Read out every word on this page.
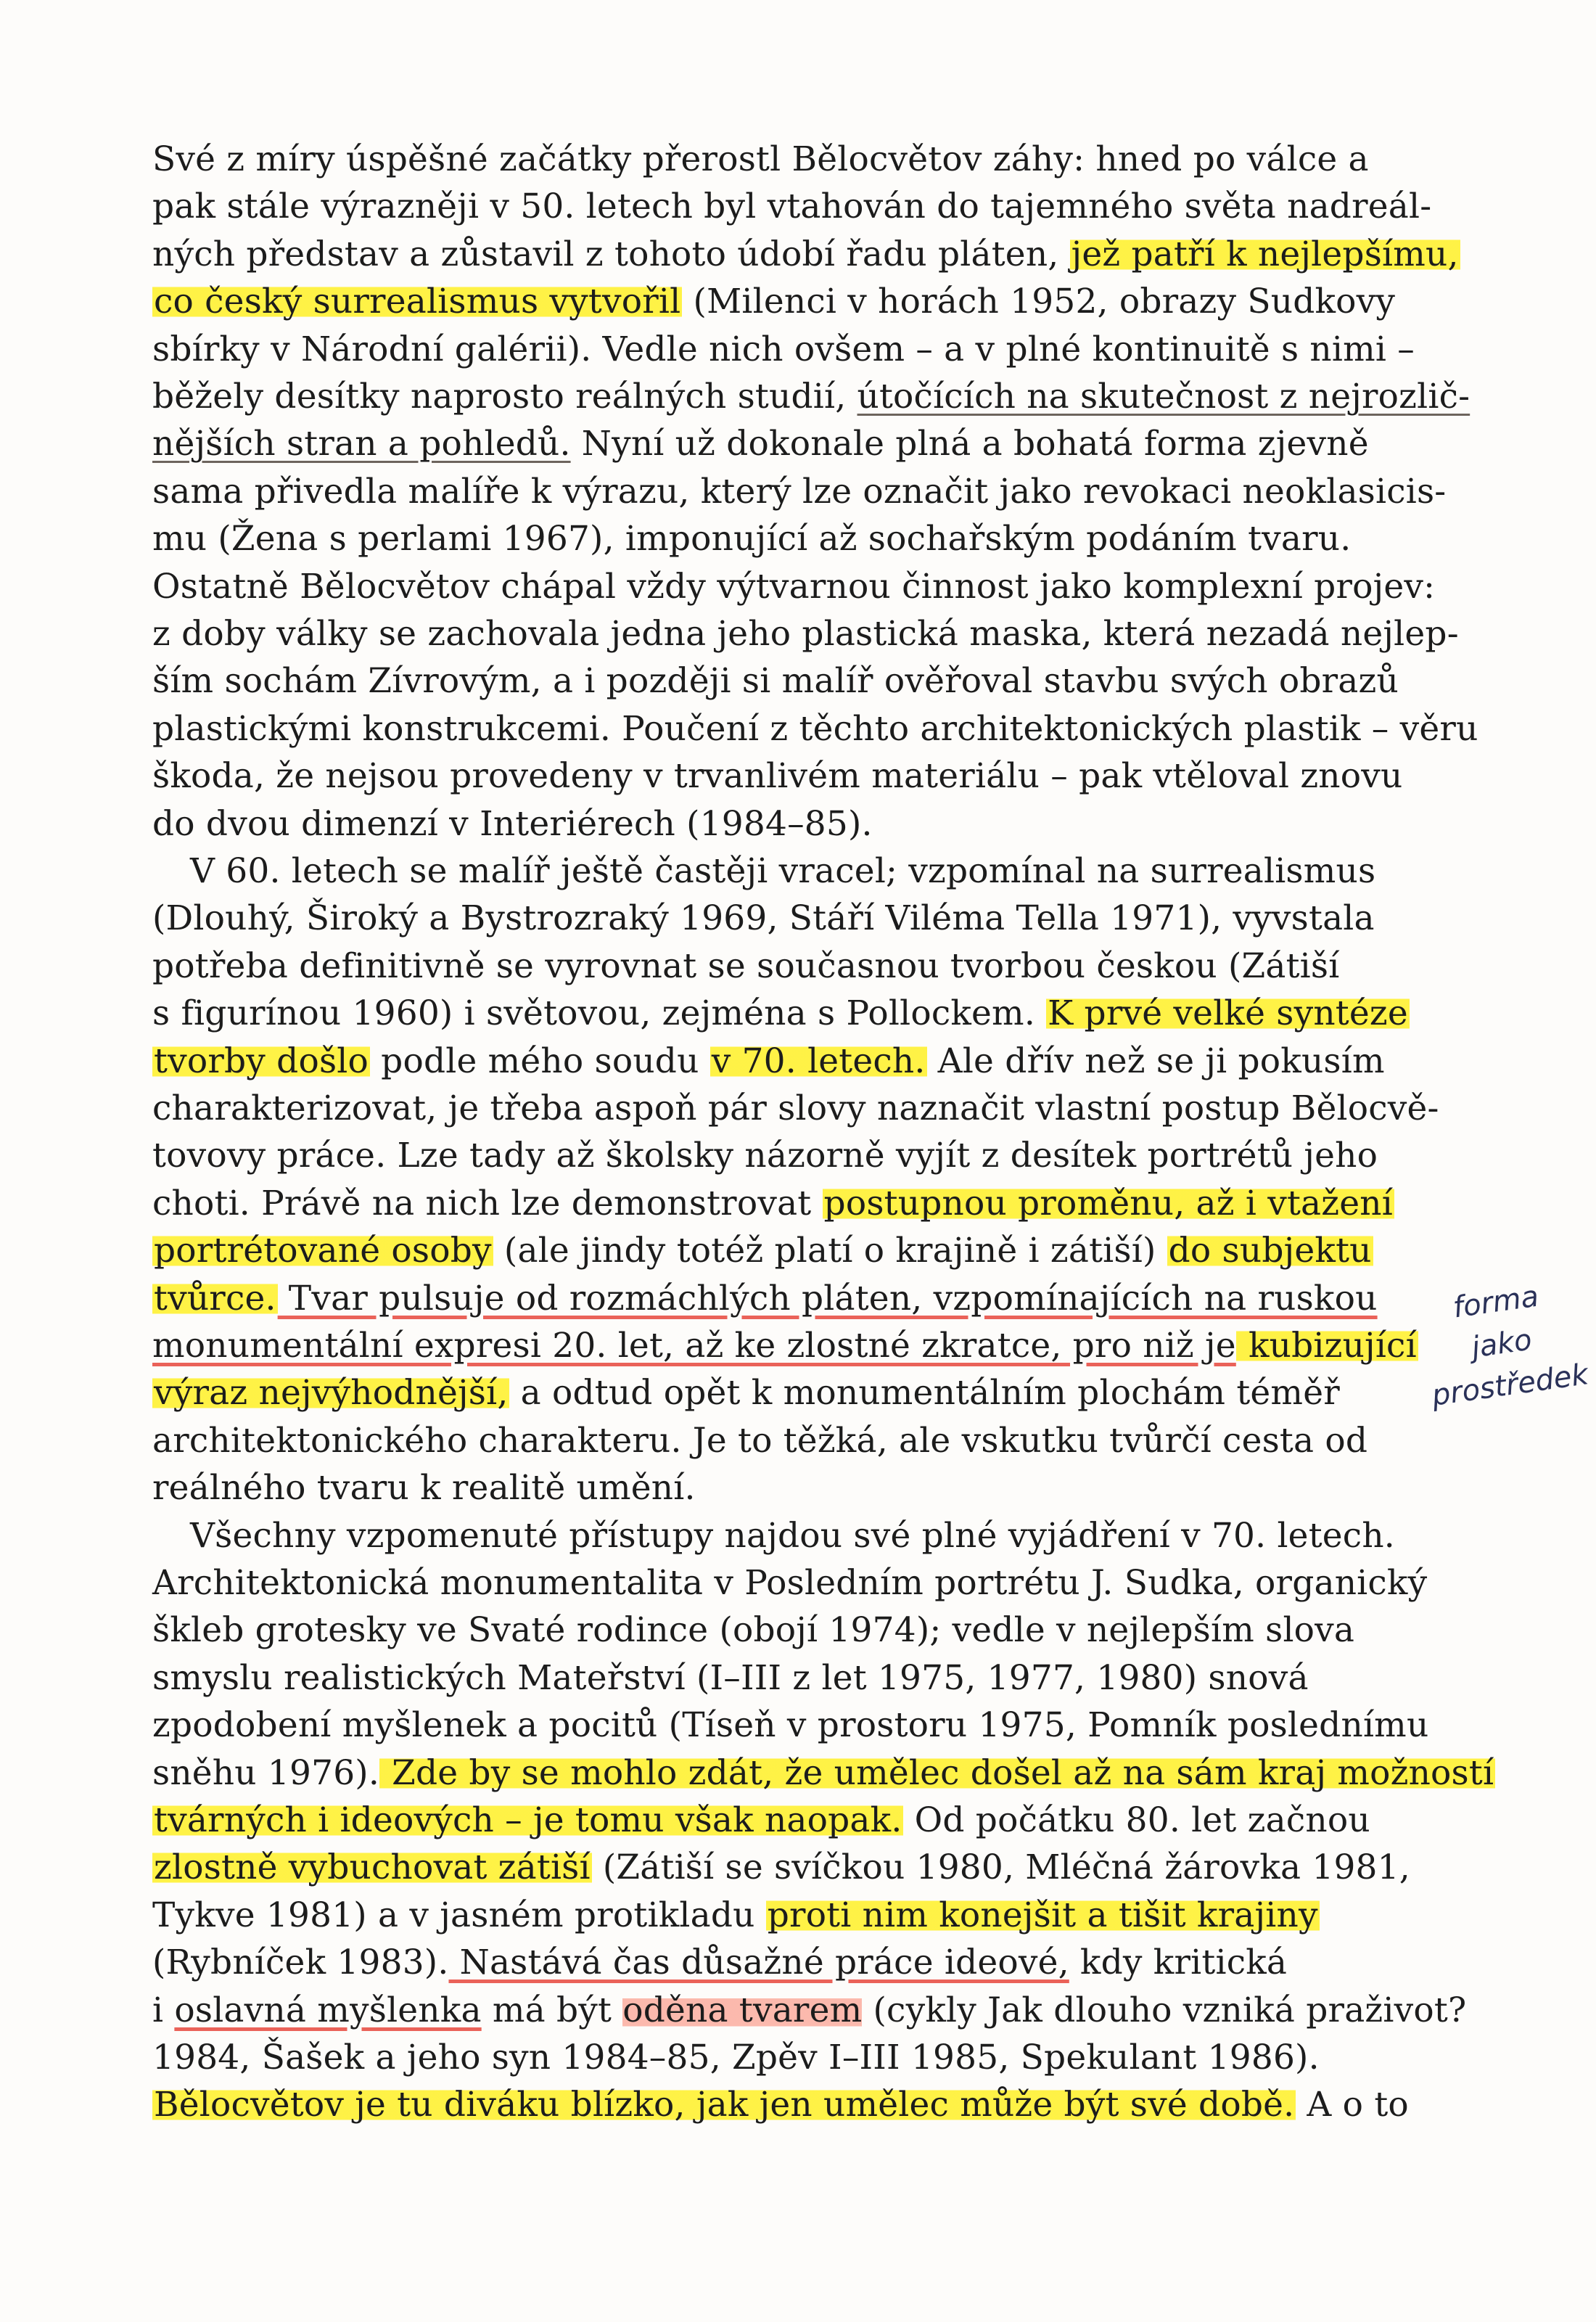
Své z míry úspěšné začátky přerostl Bělocvětov záhy: hned po válce a
pak stále výrazněji v 50. letech byl vtahován do tajemného světa nadreál-
ných představ a zůstavil z tohoto údobí řadu pláten, jež patří k nejlepšímu,
co český surrealismus vytvořil (Milenci v horách 1952, obrazy Sudkovy
sbírky v Národní galérii). Vedle nich ovšem – a v plné kontinuitě s nimi –
běžely desítky naprosto reálných studií, útočících na skutečnost z nejrozlič-
nějších stran a pohledů. Nyní už dokonale plná a bohatá forma zjevně
sama přivedla malíře k výrazu, který lze označit jako revokaci neoklasicis-
mu (Žena s perlami 1967), imponující až sochařským podáním tvaru.
Ostatně Bělocvětov chápal vždy výtvarnou činnost jako komplexní projev:
z doby války se zachovala jedna jeho plastická maska, která nezadá nejlep-
ším sochám Zívrovým, a i později si malíř ověřoval stavbu svých obrazů
plastickými konstrukcemi. Poučení z těchto architektonických plastik – věru
škoda, že nejsou provedeny v trvanlivém materiálu – pak vtěloval znovu
do dvou dimenzí v Interiérech (1984–85).
V 60. letech se malíř ještě častěji vracel; vzpomínal na surrealismus
(Dlouhý, Široký a Bystrozraký 1969, Stáří Viléma Tella 1971), vyvstala
potřeba definitivně se vyrovnat se současnou tvorbou českou (Zátiší
s figurínou 1960) i světovou, zejména s Pollockem. K prvé velké syntéze
tvorby došlo podle mého soudu v 70. letech. Ale dřív než se ji pokusím
charakterizovat, je třeba aspoň pár slovy naznačit vlastní postup Bělocvě-
tovovy práce. Lze tady až školsky názorně vyjít z desítek portrétů jeho
choti. Právě na nich lze demonstrovat postupnou proměnu, až i vtažení
portrétované osoby (ale jindy totéž platí o krajině i zátiší) do subjektu
tvůrce. Tvar pulsuje od rozmáchlých pláten, vzpomínajících na ruskou
monumentální expresi 20. let, až ke zlostné zkratce, pro niž je kubizující
výraz nejvýhodnější, a odtud opět k monumentálním plochám téměř
architektonického charakteru. Je to těžká, ale vskutku tvůrčí cesta od
reálného tvaru k realitě umění.
Všechny vzpomenuté přístupy najdou své plné vyjádření v 70. letech.
Architektonická monumentalita v Posledním portrétu J. Sudka, organický
škleb grotesky ve Svaté rodince (obojí 1974); vedle v nejlepším slova
smyslu realistických Mateřství (I–III z let 1975, 1977, 1980) snová
zpodobení myšlenek a pocitů (Tíseň v prostoru 1975, Pomník poslednímu
sněhu 1976). Zde by se mohlo zdát, že umělec došel až na sám kraj možností
tvárných i ideových – je tomu však naopak. Od počátku 80. let začnou
zlostně vybuchovat zátiší (Zátiší se svíčkou 1980, Mléčná žárovka 1981,
Tykve 1981) a v jasném protikladu proti nim konejšit a tišit krajiny
(Rybníček 1983). Nastává čas důsažné práce ideové, kdy kritická
i oslavná myšlenka má být oděna tvarem (cykly Jak dlouho vzniká praživot?
1984, Šašek a jeho syn 1984–85, Zpěv I–III 1985, Spekulant 1986).
Bělocvětov je tu diváku blízko, jak jen umělec může být své době. A o to
forma
jako
prostředek
